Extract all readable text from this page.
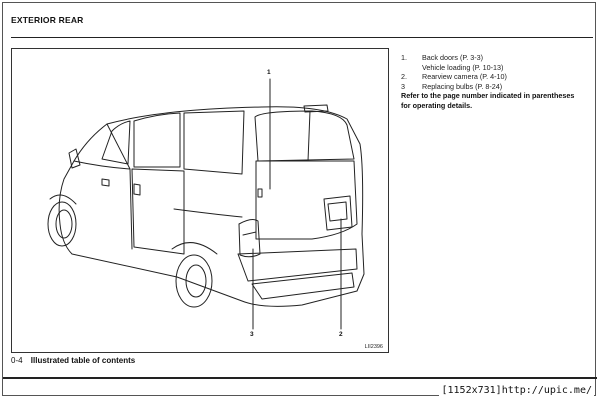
EXTERIOR REAR
1
2
3
LII2396
1.	Back doors (P. 3-3)
Vehicle loading (P. 10-13)
2.	Rearview camera (P. 4-10)
3	Replacing bulbs (P. 8-24)
Refer to the page number indicated in parentheses for operating details.
0-4 Illustrated table of contents
[1152x731]http://upic.me/
